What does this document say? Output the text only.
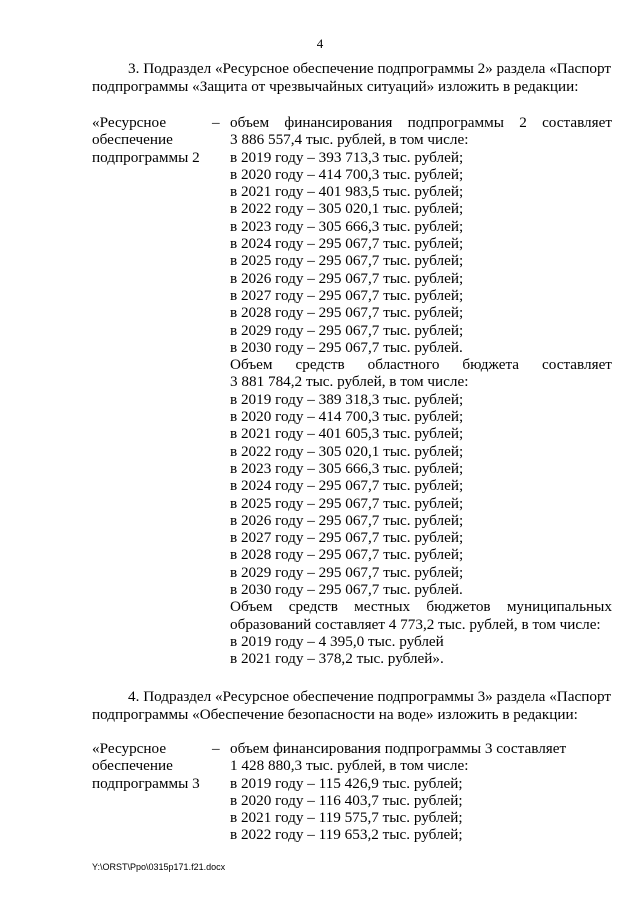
4
3. Подраздел «Ресурсное обеспечение подпрограммы 2» раздела «Паспорт
подпрограммы «Защита от чрезвычайных ситуаций» изложить в редакции:
«Ресурсное
обеспечение
подпрограммы 2
– объем финансирования подпрограммы 2 составляет
3 886 557,4 тыс. рублей, в том числе:
в 2019 году – 393 713,3 тыс. рублей;
в 2020 году – 414 700,3 тыс. рублей;
в 2021 году – 401 983,5 тыс. рублей;
в 2022 году – 305 020,1 тыс. рублей;
в 2023 году – 305 666,3 тыс. рублей;
в 2024 году – 295 067,7 тыс. рублей;
в 2025 году – 295 067,7 тыс. рублей;
в 2026 году – 295 067,7 тыс. рублей;
в 2027 году – 295 067,7 тыс. рублей;
в 2028 году – 295 067,7 тыс. рублей;
в 2029 году – 295 067,7 тыс. рублей;
в 2030 году – 295 067,7 тыс. рублей.
Объем средств областного бюджета составляет
3 881 784,2 тыс. рублей, в том числе:
в 2019 году – 389 318,3 тыс. рублей;
в 2020 году – 414 700,3 тыс. рублей;
в 2021 году – 401 605,3 тыс. рублей;
в 2022 году – 305 020,1 тыс. рублей;
в 2023 году – 305 666,3 тыс. рублей;
в 2024 году – 295 067,7 тыс. рублей;
в 2025 году – 295 067,7 тыс. рублей;
в 2026 году – 295 067,7 тыс. рублей;
в 2027 году – 295 067,7 тыс. рублей;
в 2028 году – 295 067,7 тыс. рублей;
в 2029 году – 295 067,7 тыс. рублей;
в 2030 году – 295 067,7 тыс. рублей.
Объем средств местных бюджетов муниципальных
образований составляет 4 773,2 тыс. рублей, в том числе:
в 2019 году – 4 395,0 тыс. рублей
в 2021 году – 378,2 тыс. рублей».
4. Подраздел «Ресурсное обеспечение подпрограммы 3» раздела «Паспорт
подпрограммы «Обеспечение безопасности на воде» изложить в редакции:
«Ресурсное
обеспечение
подпрограммы 3
– объем финансирования подпрограммы 3 составляет
1 428 880,3 тыс. рублей, в том числе:
в 2019 году – 115 426,9 тыс. рублей;
в 2020 году – 116 403,7 тыс. рублей;
в 2021 году – 119 575,7 тыс. рублей;
в 2022 году – 119 653,2 тыс. рублей;
Y:\ORST\Ppo\0315p171.f21.docx
